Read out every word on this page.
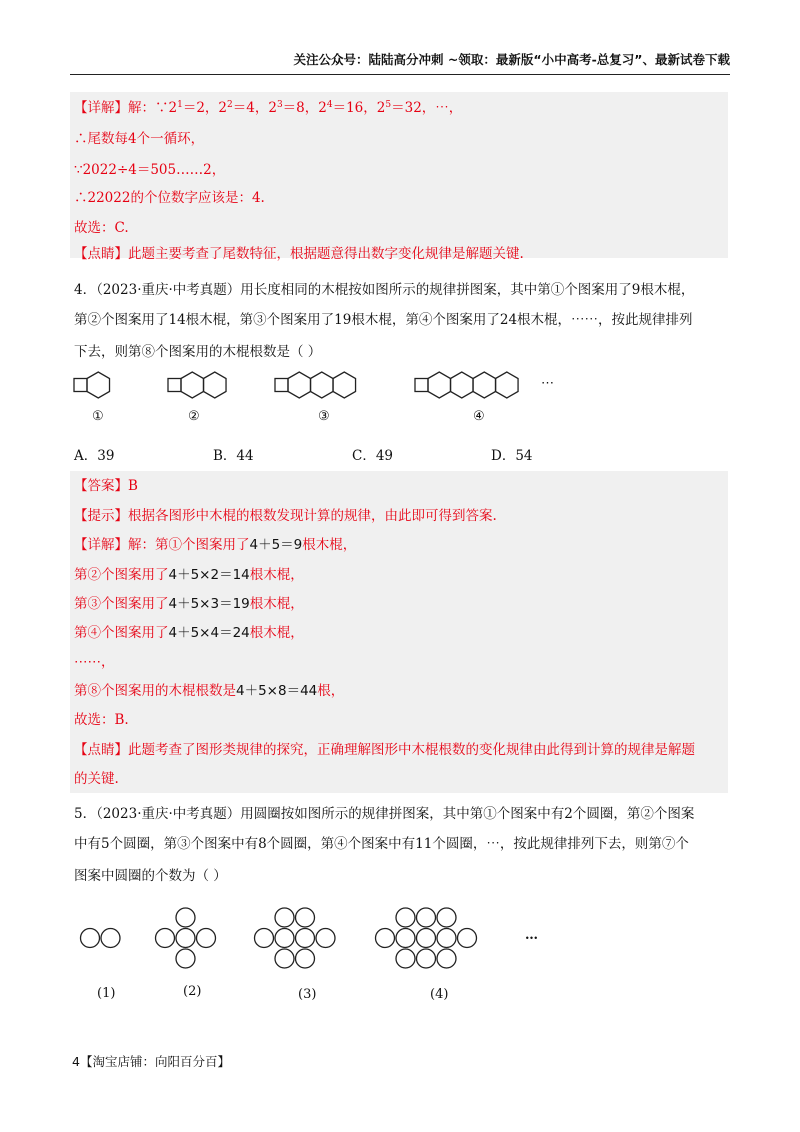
关注公众号：陆陆高分冲刺 ~领取：最新版“小中高考-总复习”、最新试卷下载
【详解】解：$\because 2^1=2$，$2^2=4$，$2^3=8$，$2^4=16$，$2^5=32$，⋯，
∴尾数每4个一循环，
∵2022÷4＝505……2，
∴22022的个位数字应该是：4.
故选：C.
【点睛】此题主要考查了尾数特征，根据题意得出数字变化规律是解题关键.
4．（2023·重庆·中考真题）用长度相同的木棍按如图所示的规律拼图案，其中第①个图案用了9根木棍，
第②个图案用了14根木棍，第③个图案用了19根木棍，第④个图案用了24根木棍，⋯⋯，按此规律排列
下去，则第⑧个图案用的木棍根数是（ ）
①	②	③	④
⋯
A．39	B．44	C．49	D．54
【答案】B
【提示】根据各图形中木棍的根数发现计算的规律，由此即可得到答案.
【详解】解：第①个图案用了4＋5＝9根木棍，
第②个图案用了4＋5×2＝14根木棍，
第③个图案用了4＋5×3＝19根木棍，
第④个图案用了4＋5×4＝24根木棍，
⋯⋯，
第⑧个图案用的木棍根数是4＋5×8＝44根，
故选：B.
【点睛】此题考查了图形类规律的探究，正确理解图形中木棍根数的变化规律由此得到计算的规律是解题
的关键.
5．（2023·重庆·中考真题）用圆圈按如图所示的规律拼图案，其中第①个图案中有2个圆圈，第②个图案
中有5个圆圈，第③个图案中有8个圆圈，第④个图案中有11个圆圈，⋯，按此规律排列下去，则第⑦个
图案中圆圈的个数为（ ）
(1)	(2)	(3)	(4)
…
4【淘宝店铺：向阳百分百】
